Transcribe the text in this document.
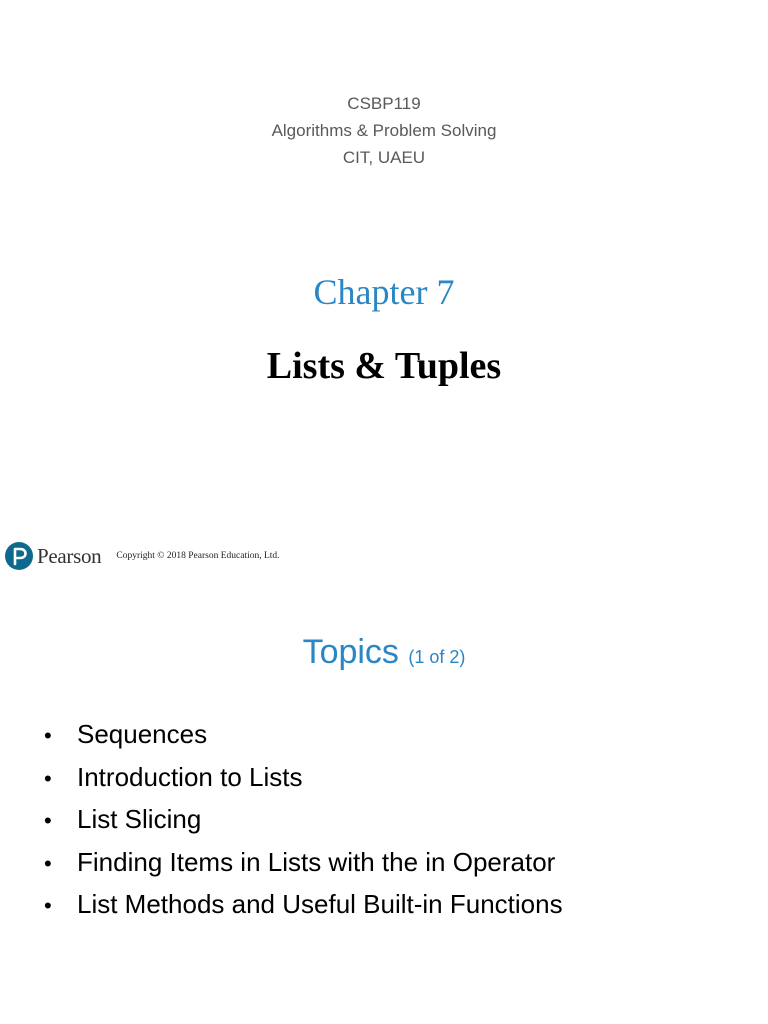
CSBP119
Algorithms & Problem Solving
CIT, UAEU
Chapter 7
Lists & Tuples
Pearson Copyright © 2018 Pearson Education, Ltd.
Topics (1 of 2)
• Sequences
• Introduction to Lists
• List Slicing
• Finding Items in Lists with the in Operator
• List Methods and Useful Built-in Functions
